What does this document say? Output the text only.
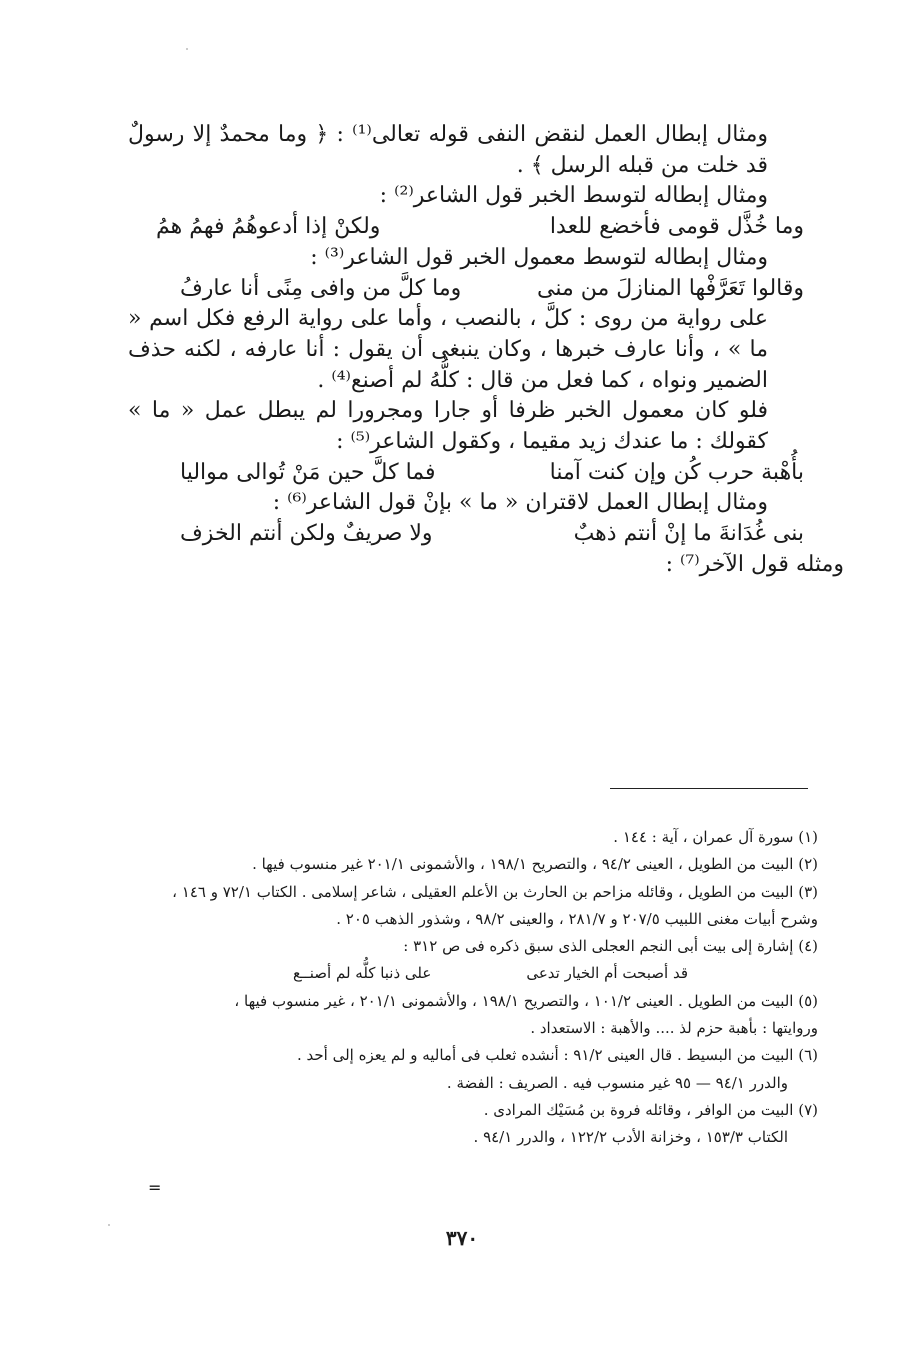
ومثال إبطال العمل لنقض النفى قوله تعالى⁽¹⁾ : ﴿ وما محمدٌ إلا رسولٌ قد خلت من قبله الرسل ﴾ .

ومثال إبطاله لتوسط الخبر قول الشاعر⁽²⁾ :

وما خُذَّل قومى فأخضع للعدا
ولكنْ إذا أدعوهُمُ فهمُ همُ

ومثال إبطاله لتوسط معمول الخبر قول الشاعر⁽³⁾ :

وقالوا تَعَرَّفْها المنازلَ من منى
وما كلَّ من وافى مِنًى أنا عارفُ

على رواية من روى : كلَّ ، بالنصب ، وأما على رواية الرفع فكل اسم « ما » ، وأنا عارف خبرها ، وكان ينبغى أن يقول : أنا عارفه ، لكنه حذف الضمير ونواه ، كما فعل من قال : كلُّهُ لم أصنع⁽⁴⁾ .

فلو كان معمول الخبر ظرفا أو جارا ومجرورا لم يبطل عمل « ما » كقولك : ما عندك زيد مقيما ، وكقول الشاعر⁽⁵⁾ :

بأُهْبة حرب كُن وإن كنت آمنا
فما كلَّ حين مَنْ تُوالى مواليا

ومثال إبطال العمل لاقتران « ما » بإنْ قول الشاعر⁽⁶⁾ :

بنى غُدَانةَ ما إنْ أنتم ذهبٌ
ولا صريفٌ ولكن أنتم الخزف

ومثله قول الآخر⁽⁷⁾ :

(١) سورة آل عمران ، آية : ١٤٤ .

(٢) البيت من الطويل ، العينى ٩٤/٢ ، والتصريح ١٩٨/١ ، والأشمونى ٢٠١/١ غير منسوب فيها .

(٣) البيت من الطويل ، وقائله مزاحم بن الحارث بن الأعلم العقيلى ، شاعر إسلامى . الكتاب ٧٢/١ و ١٤٦ ،

وشرح أبيات مغنى اللبيب ٢٠٧/٥ و ٢٨١/٧ ، والعينى ٩٨/٢ ، وشذور الذهب ٢٠٥ .

(٤) إشارة إلى بيت أبى النجم العجلى الذى سبق ذكره فى ص ٣١٢ :

قد أصبحت أم الخيار تدعى
على ذنبا كلُّه لم أصنــع

(٥) البيت من الطويل . العينى ١٠١/٢ ، والتصريح ١٩٨/١ ، والأشمونى ٢٠١/١ ، غير منسوب فيها ،

وروايتها : بأهبة حزم لذ .... والأهبة : الاستعداد .

(٦) البيت من البسيط . قال العينى ٩١/٢ : أنشده ثعلب فى أماليه و لم يعزه إلى أحد .

والدرر ٩٤/١ — ٩٥ غير منسوب فيه . الصريف : الفضة .

(٧) البيت من الوافر ، وقائله فروة بن مُسَيْك المرادى .

الكتاب ١٥٣/٣ ، وخزانة الأدب ١٢٢/٢ ، والدرر ٩٤/١ .

=
٣٧٠
